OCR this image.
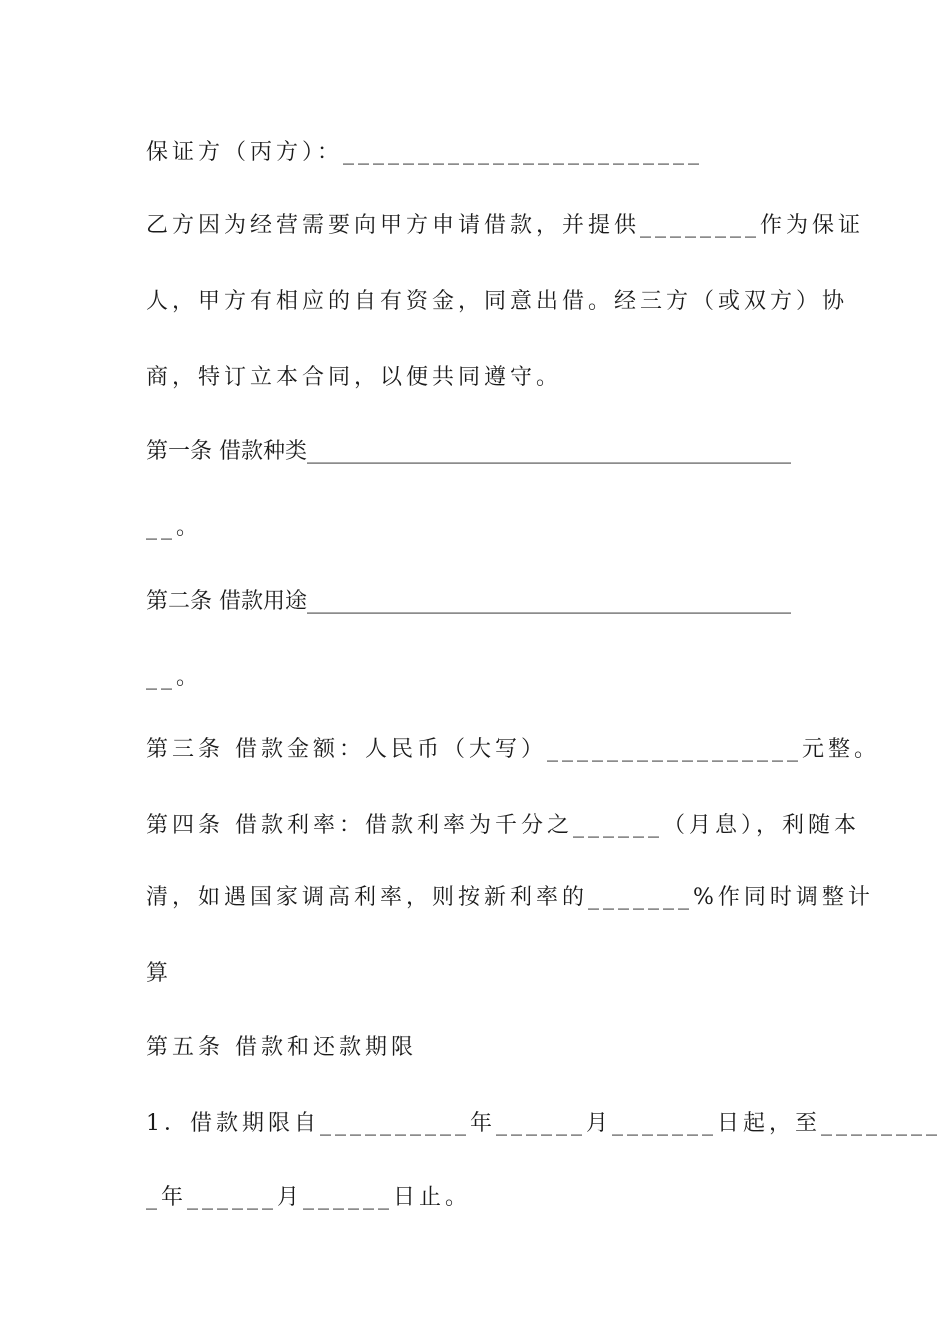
保证方（丙方）：________________________
乙方因为经营需要向甲方申请借款，并提供________作为保证
人，甲方有相应的自有资金，同意出借。经三方（或双方）协
商，特订立本合同，以便共同遵守。
第一条 借款种类____________________________________________
__。
第二条 借款用途____________________________________________
__。
第三条 借款金额：人民币（大写）_________________元整。
第四条 借款利率：借款利率为千分之______（月息），利随本
清，如遇国家调高利率，则按新利率的_______%作同时调整计
算
第五条 借款和还款期限
1．借款期限自__________年______月_______日起，至________
_年______月______日止。
